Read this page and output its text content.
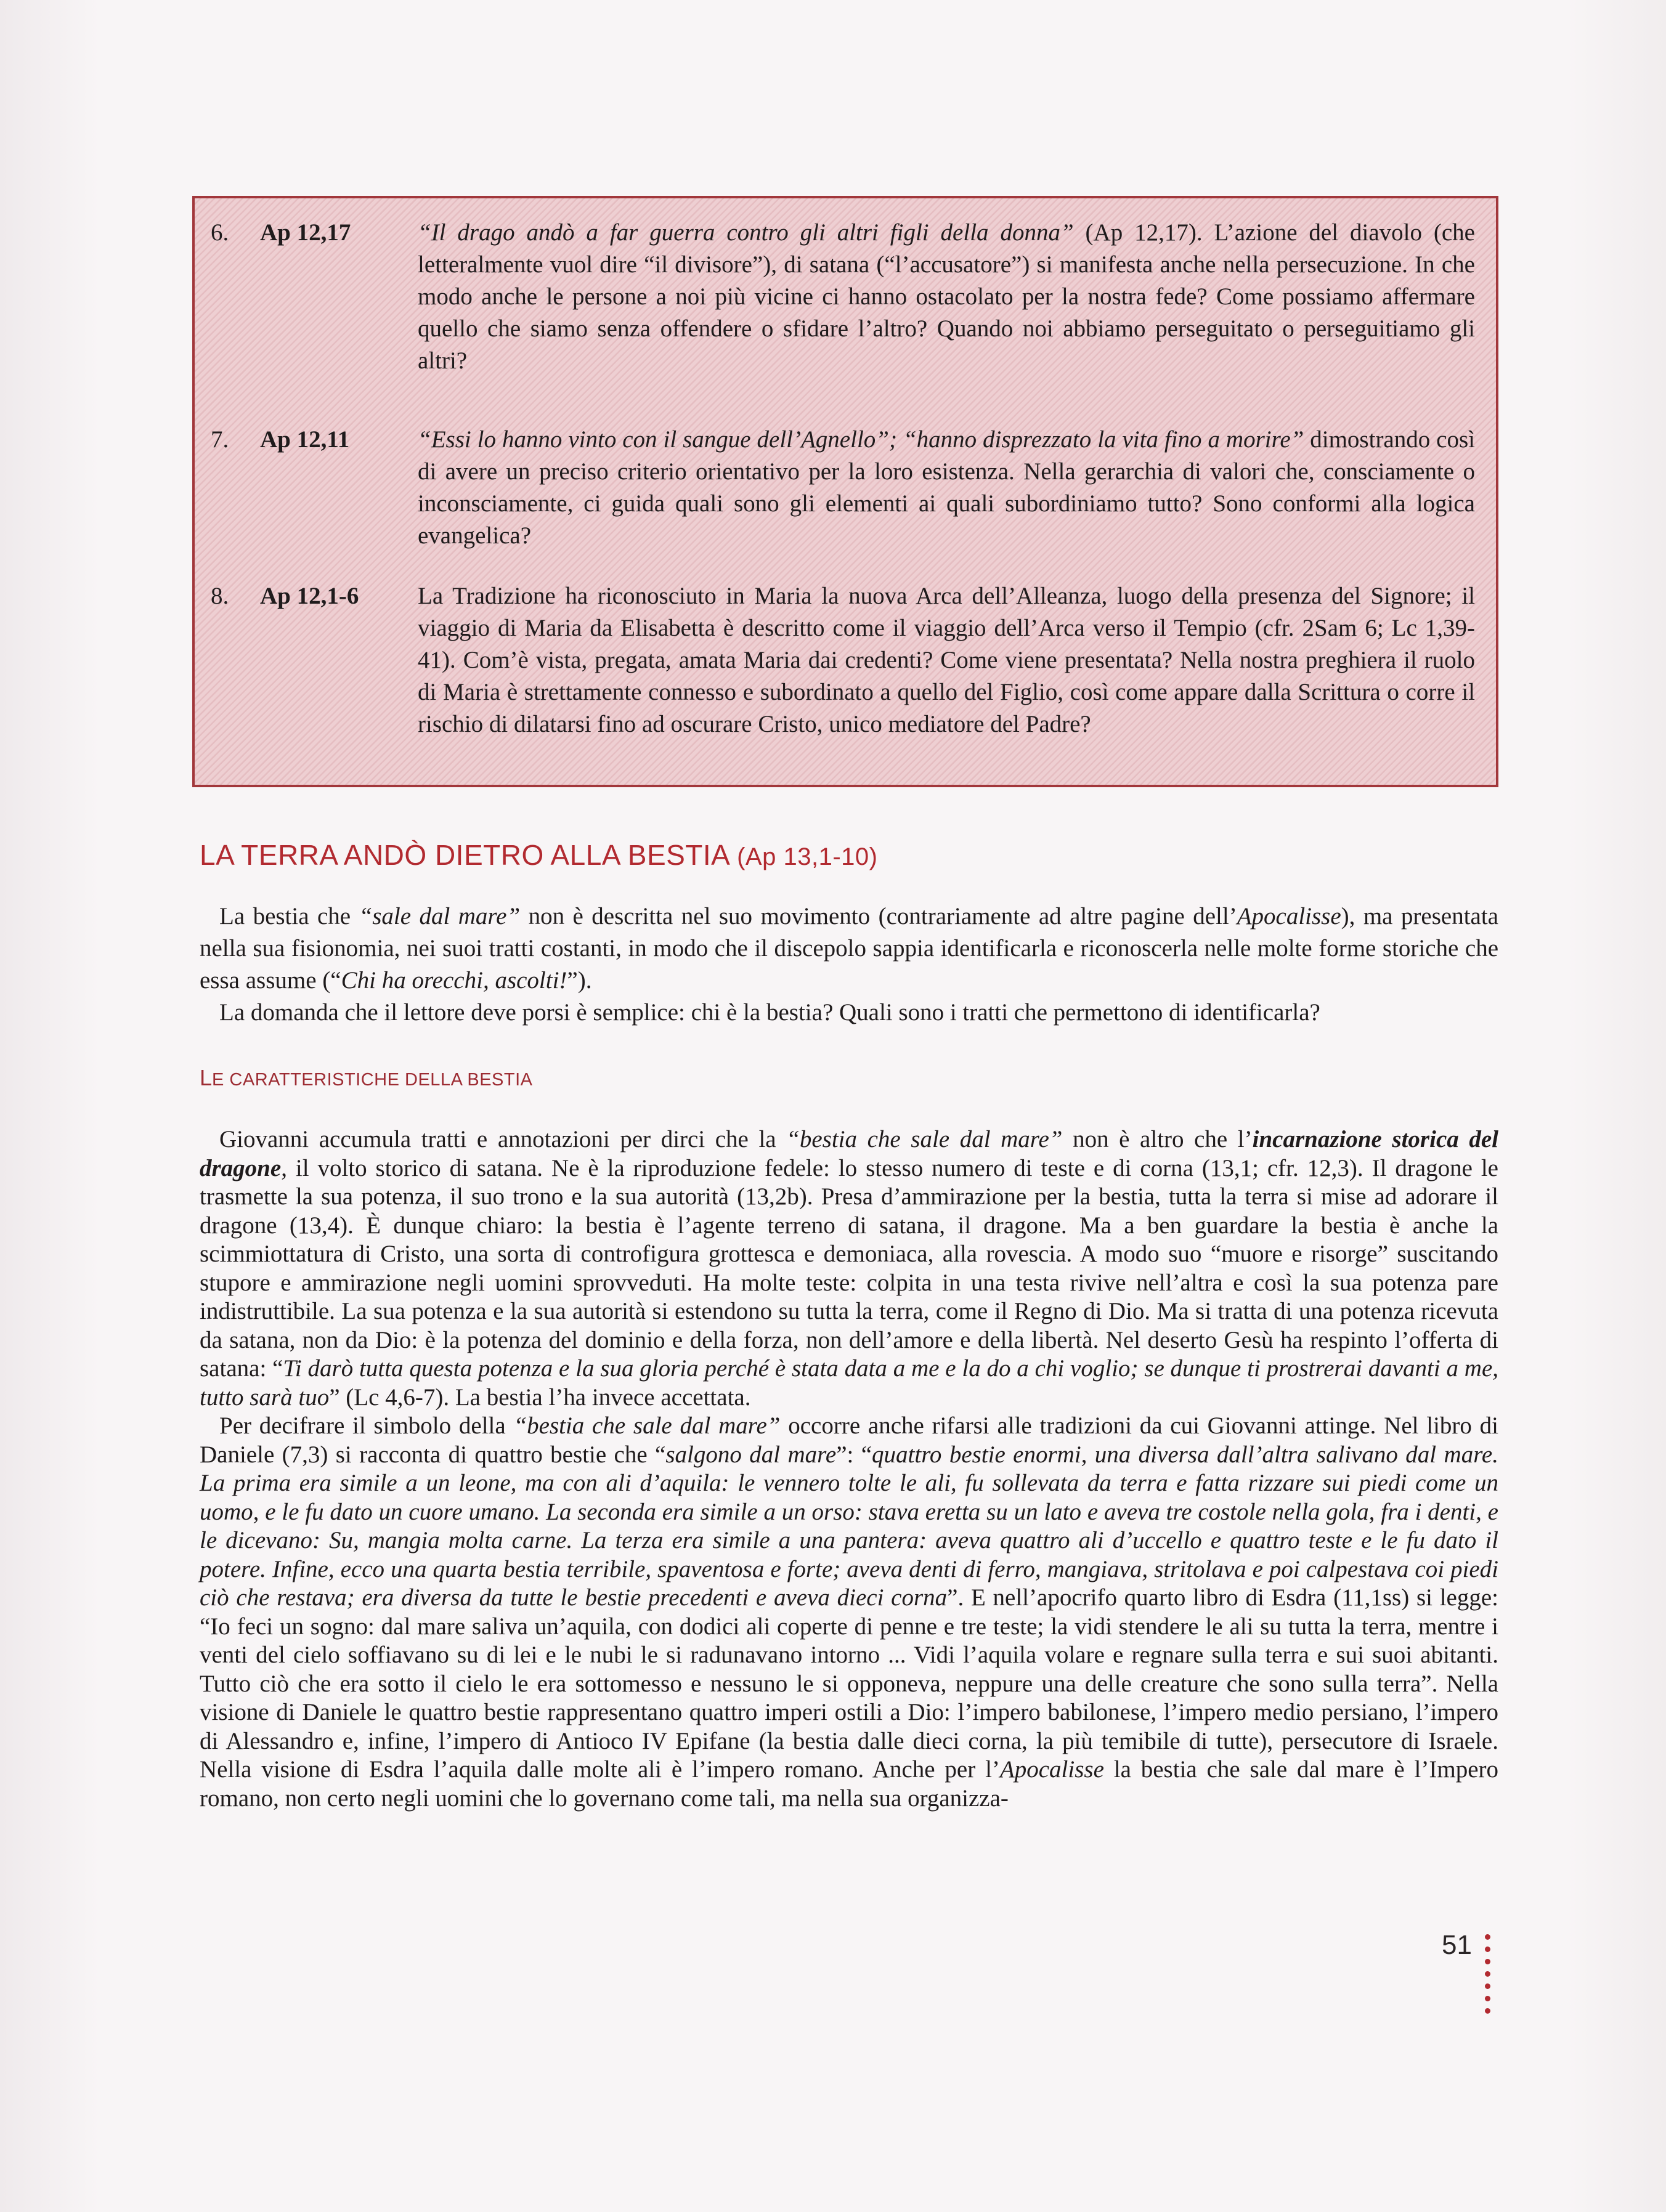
6. Ap 12,17	“Il drago andò a far guerra contro gli altri figli della donna” (Ap 12,17). L’azione del diavolo (che letteralmente vuol dire “il divisore”), di satana (“l’accusatore”) si manifesta anche nella persecuzione. In che modo anche le persone a noi più vicine ci hanno ostacolato per la nostra fede? Come possiamo affermare quello che siamo senza offendere o sfidare l’altro? Quando noi abbiamo perseguitato o perseguitiamo gli altri?
7. Ap 12,11	“Essi lo hanno vinto con il sangue dell’Agnello”; “hanno disprezzato la vita fino a morire” dimostrando così di avere un preciso criterio orientativo per la loro esistenza. Nella gerarchia di valori che, consciamente o inconsciamente, ci guida quali sono gli elementi ai quali subordiniamo tutto? Sono conformi alla logica evangelica?
8. Ap 12,1-6 La Tradizione ha riconosciuto in Maria la nuova Arca dell’Alleanza, luogo della presenza del Signore; il viaggio di Maria da Elisabetta è descritto come il viaggio dell’Arca verso il Tempio (cfr. 2Sam 6; Lc 1,39-41). Com’è vista, pregata, amata Maria dai credenti? Come viene presentata? Nella nostra preghiera il ruolo di Maria è strettamente connesso e subordinato a quello del Figlio, così come appare dalla Scrittura o corre il rischio di dilatarsi fino ad oscurare Cristo, unico mediatore del Padre?
LA TERRA ANDÒ DIETRO ALLA BESTIA (Ap 13,1-10)

La bestia che “sale dal mare” non è descritta nel suo movimento (contrariamente ad altre pagine dell’Apocalisse), ma presentata nella sua fisionomia, nei suoi tratti costanti, in modo che il discepolo sappia identificarla e riconoscerla nelle molte forme storiche che essa assume (“Chi ha orecchi, ascolti!”).

La domanda che il lettore deve porsi è semplice: chi è la bestia? Quali sono i tratti che permettono di identificarla?

LE CARATTERISTICHE DELLA BESTIA

Giovanni accumula tratti e annotazioni per dirci che la “bestia che sale dal mare” non è altro che l’incarnazione storica del dragone, il volto storico di satana. Ne è la riproduzione fedele: lo stesso numero di teste e di corna (13,1; cfr. 12,3). Il dragone le trasmette la sua potenza, il suo trono e la sua autorità (13,2b). Presa d’ammirazione per la bestia, tutta la terra si mise ad adorare il dragone (13,4). È dunque chiaro: la bestia è l’agente terreno di satana, il dragone. Ma a ben guardare la bestia è anche la scimmiottatura di Cristo, una sorta di controfigura grottesca e demoniaca, alla rovescia. A modo suo “muore e risorge” suscitando stupore e ammirazione negli uomini sprovveduti. Ha molte teste: colpita in una testa rivive nell’altra e così la sua potenza pare indistruttibile. La sua potenza e la sua autorità si estendono su tutta la terra, come il Regno di Dio. Ma si tratta di una potenza ricevuta da satana, non da Dio: è la potenza del dominio e della forza, non dell’amore e della libertà. Nel deserto Gesù ha respinto l’offerta di satana: “Ti darò tutta questa potenza e la sua gloria perché è stata data a me e la do a chi voglio; se dunque ti prostrerai davanti a me, tutto sarà tuo” (Lc 4,6-7). La bestia l’ha invece accettata.

Per decifrare il simbolo della “bestia che sale dal mare” occorre anche rifarsi alle tradizioni da cui Giovanni attinge. Nel libro di Daniele (7,3) si racconta di quattro bestie che “salgono dal mare”: “quattro bestie enormi, una diversa dall’altra salivano dal mare. La prima era simile a un leone, ma con ali d’aquila: le vennero tolte le ali, fu sollevata da terra e fatta rizzare sui piedi come un uomo, e le fu dato un cuore umano. La seconda era simile a un orso: stava eretta su un lato e aveva tre costole nella gola, fra i denti, e le dicevano: Su, mangia molta carne. La terza era simile a una pantera: aveva quattro ali d’uccello e quattro teste e le fu dato il potere. Infine, ecco una quarta bestia terribile, spaventosa e forte; aveva denti di ferro, mangiava, stritolava e poi calpestava coi piedi ciò che restava; era diversa da tutte le bestie precedenti e aveva dieci corna”. E nell’apocrifo quarto libro di Esdra (11,1ss) si legge: “Io feci un sogno: dal mare saliva un’aquila, con dodici ali coperte di penne e tre teste; la vidi stendere le ali su tutta la terra, mentre i venti del cielo soffiavano su di lei e le nubi le si radunavano intorno ... Vidi l’aquila volare e regnare sulla terra e sui suoi abitanti. Tutto ciò che era sotto il cielo le era sottomesso e nessuno le si opponeva, neppure una delle creature che sono sulla terra”. Nella visione di Daniele le quattro bestie rappresentano quattro imperi ostili a Dio: l’impero babilonese, l’impero medio persiano, l’impero di Alessandro e, infine, l’impero di Antioco IV Epifane (la bestia dalle dieci corna, la più temibile di tutte), persecutore di Israele. Nella visione di Esdra l’aquila dalle molte ali è l’impero romano. Anche per l’Apocalisse la bestia che sale dal mare è l’Impero romano, non certo negli uomini che lo governano come tali, ma nella sua organizza-

51
